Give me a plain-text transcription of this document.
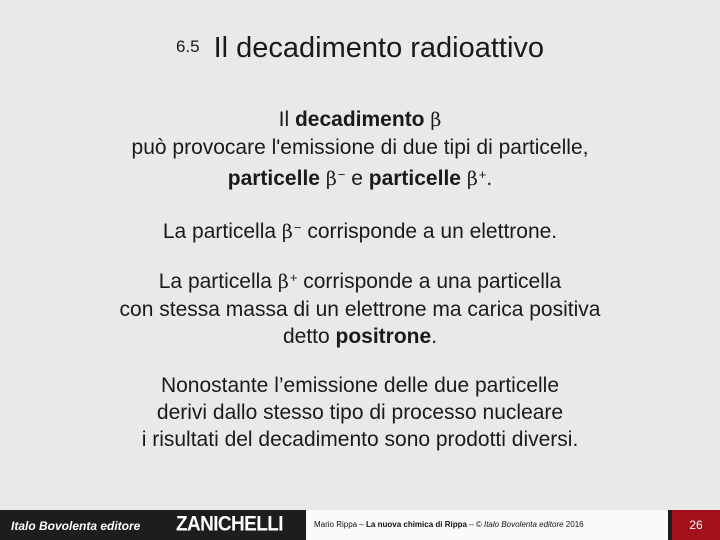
6.5 Il decadimento radioattivo
Il decadimento β
può provocare l'emissione di due tipi di particelle,
particelle β− e particelle β+.
La particella β− corrisponde a un elettrone.
La particella β+ corrisponde a una particella
con stessa massa di un elettrone ma carica positiva
detto positrone.
Nonostante l’emissione delle due particelle
derivi dallo stesso tipo di processo nucleare
i risultati del decadimento sono prodotti diversi.
Italo Bovolenta editore ZANICHELLI	Mario Rippa – La nuova chimica di Rippa – © Italo Bovolenta editore 2016	26
